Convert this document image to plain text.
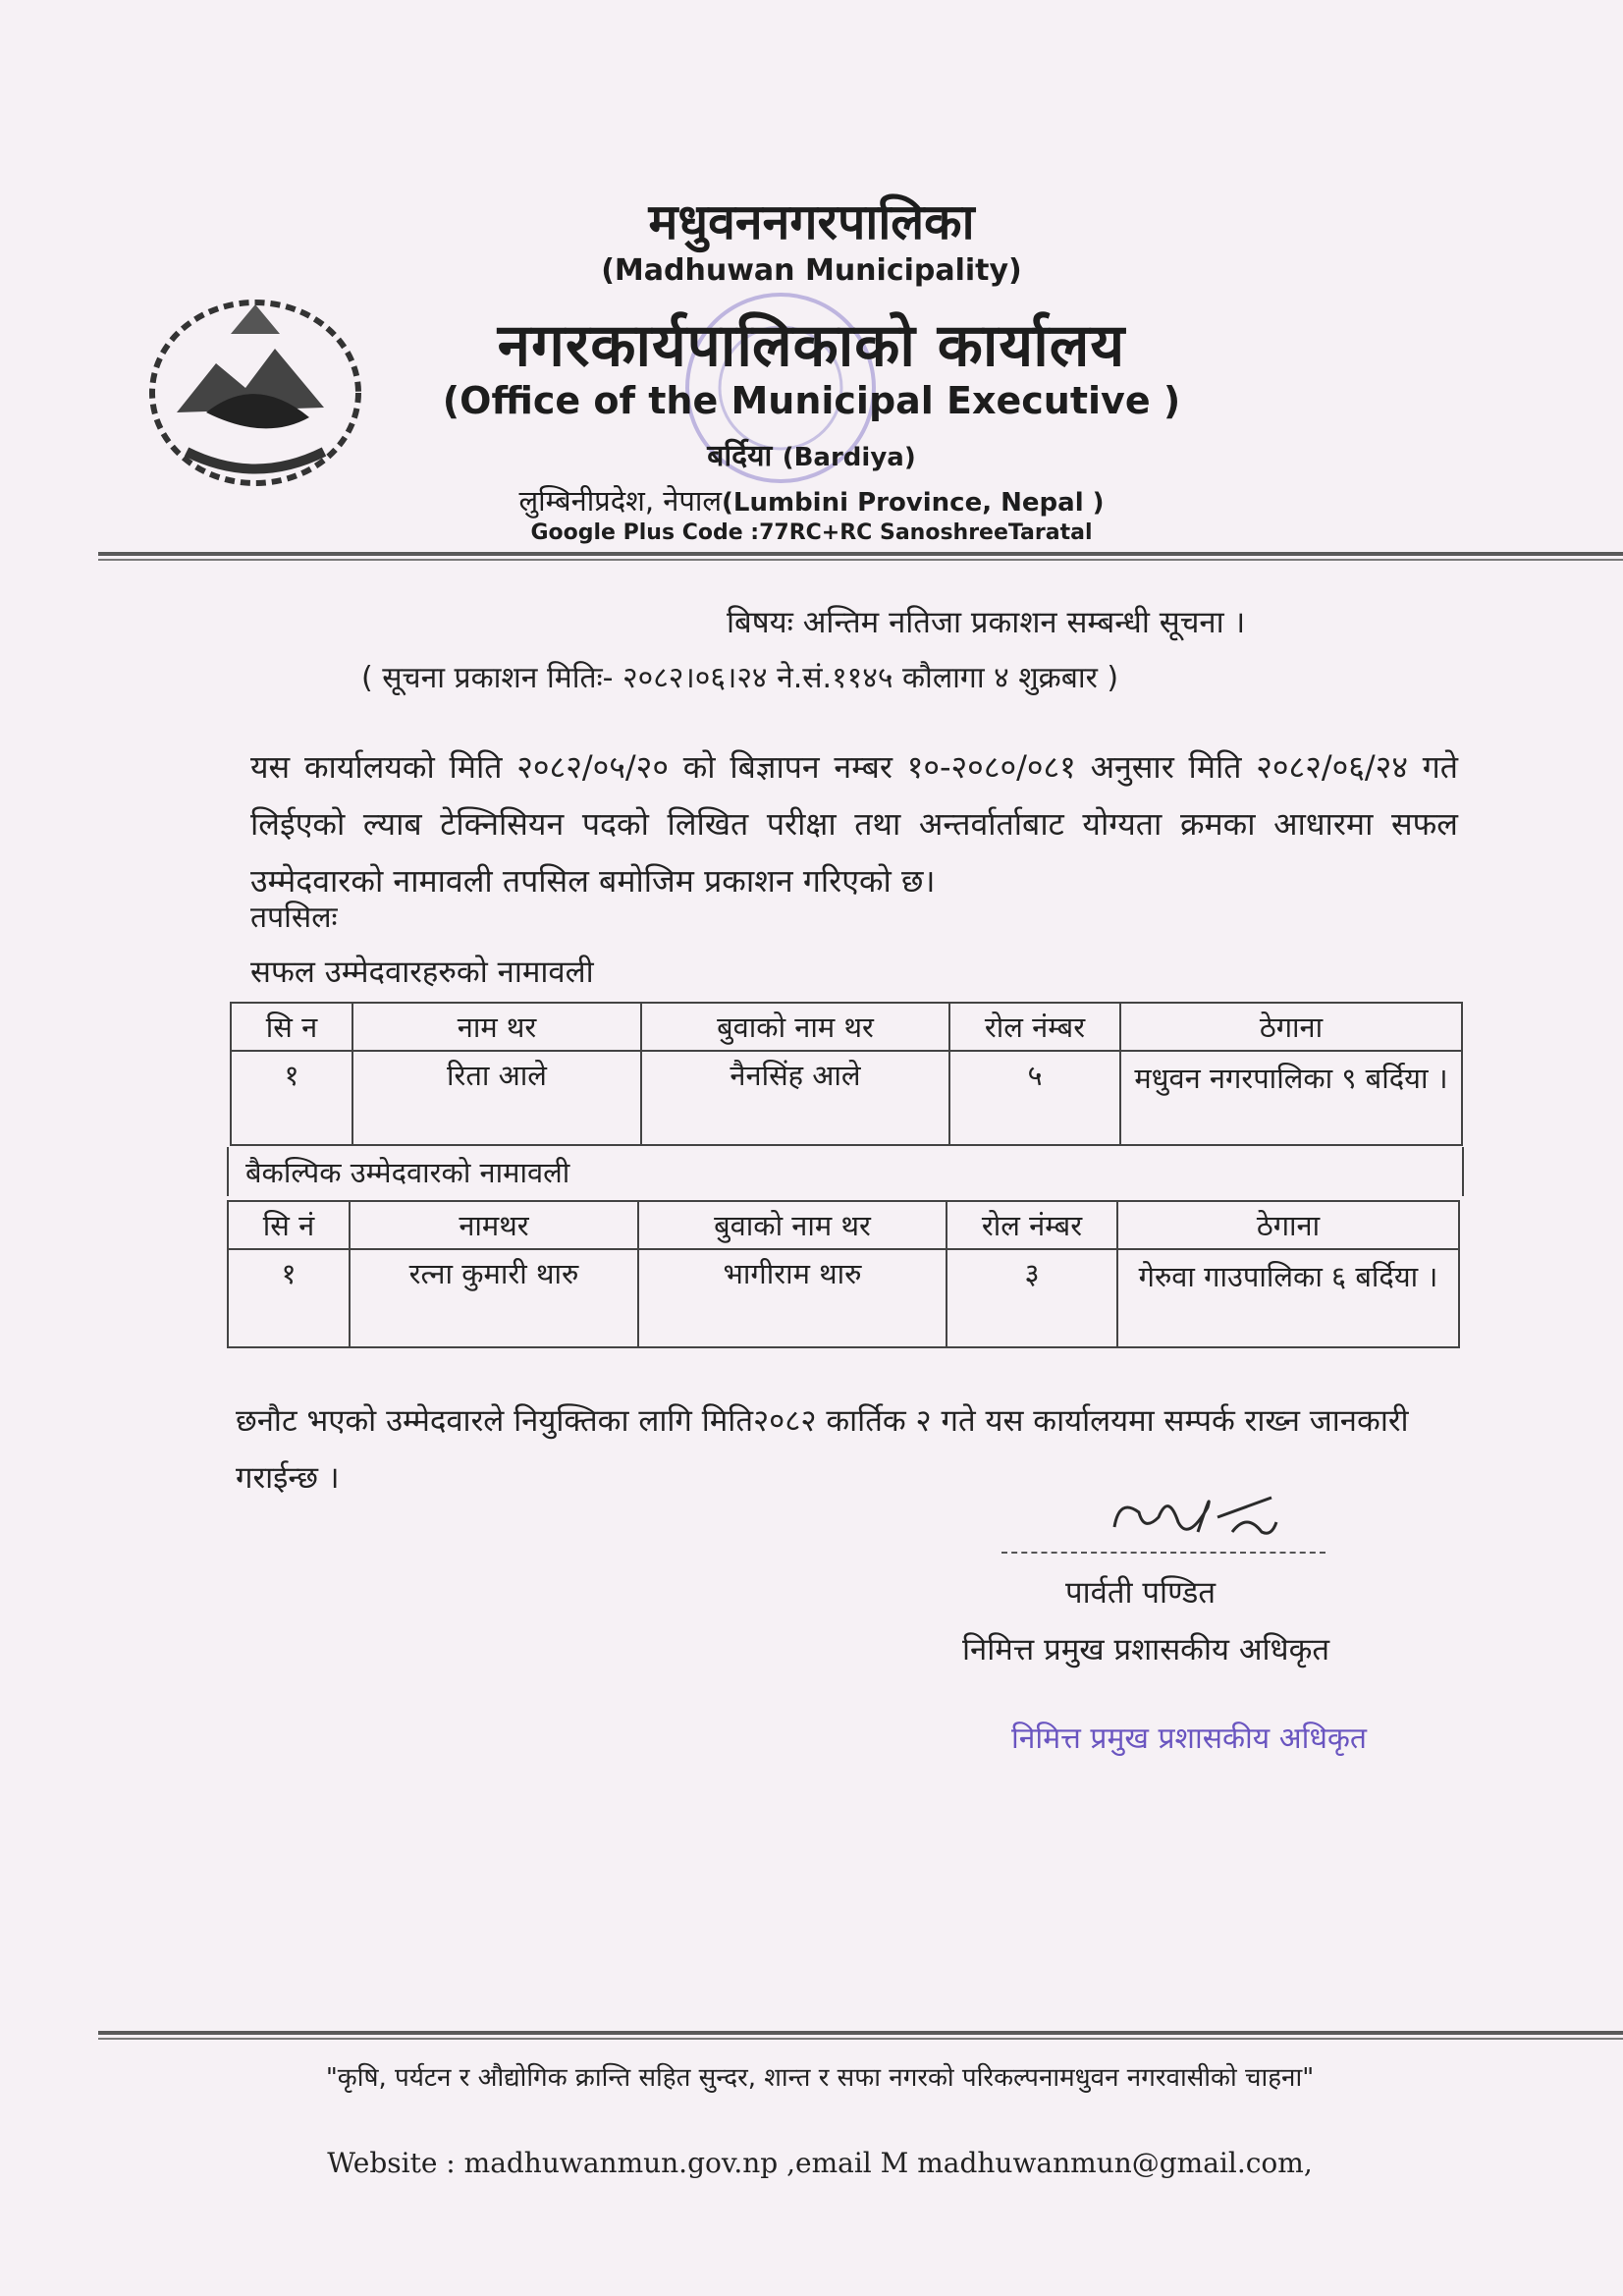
मधुवननगरपालिका
(Madhuwan Municipality)
नगरकार्यपालिकाको कार्यालय
(Office of the Municipal Executive )
बर्दिया (Bardiya)
लुम्बिनीप्रदेश, नेपाल(Lumbini Province, Nepal )
Google Plus Code :77RC+RC SanoshreeTaratal
बिषयः अन्तिम नतिजा प्रकाशन सम्बन्धी सूचना ।
( सूचना प्रकाशन मितिः- २०८२।०६।२४ ने.सं.११४५ कौलागा ४ शुक्रबार )
यस कार्यालयको मिति २०८२/०५/२० को बिज्ञापन नम्बर १०-२०८०/०८१ अनुसार मिति २०८२/०६/२४ गते लिईएको ल्याब टेक्निसियन पदको लिखित परीक्षा तथा अन्तर्वार्ताबाट योग्यता क्रमका आधारमा सफल उम्मेदवारको नामावली तपसिल बमोजिम प्रकाशन गरिएको छ।
तपसिलः
सफल उम्मेदवारहरुको नामावली
सि न	नाम थर	बुवाको नाम थर	रोल नंम्बर	ठेगाना
१	रिता आले	नैनसिंह आले	५	मधुवन नगरपालिका ९ बर्दिया ।
बैकल्पिक उम्मेदवारको नामावली
सि नं	नामथर	बुवाको नाम थर	रोल नंम्बर	ठेगाना
१	रत्ना कुमारी थारु	भागीराम थारु	३	गेरुवा गाउपालिका ६ बर्दिया ।
छनौट भएको उम्मेदवारले नियुक्तिका लागि मिति२०८२ कार्तिक २ गते यस कार्यालयमा सम्पर्क राख्न जानकारी गराईन्छ ।
पार्वती पण्डित
निमित्त प्रमुख प्रशासकीय अधिकृत
निमित्त प्रमुख प्रशासकीय अधिकृत
"कृषि, पर्यटन र औद्योगिक क्रान्ति सहित सुन्दर, शान्त र सफा नगरको परिकल्पनामधुवन नगरवासीको चाहना"
Website : madhuwanmun.gov.np ,email M madhuwanmun@gmail.com,
